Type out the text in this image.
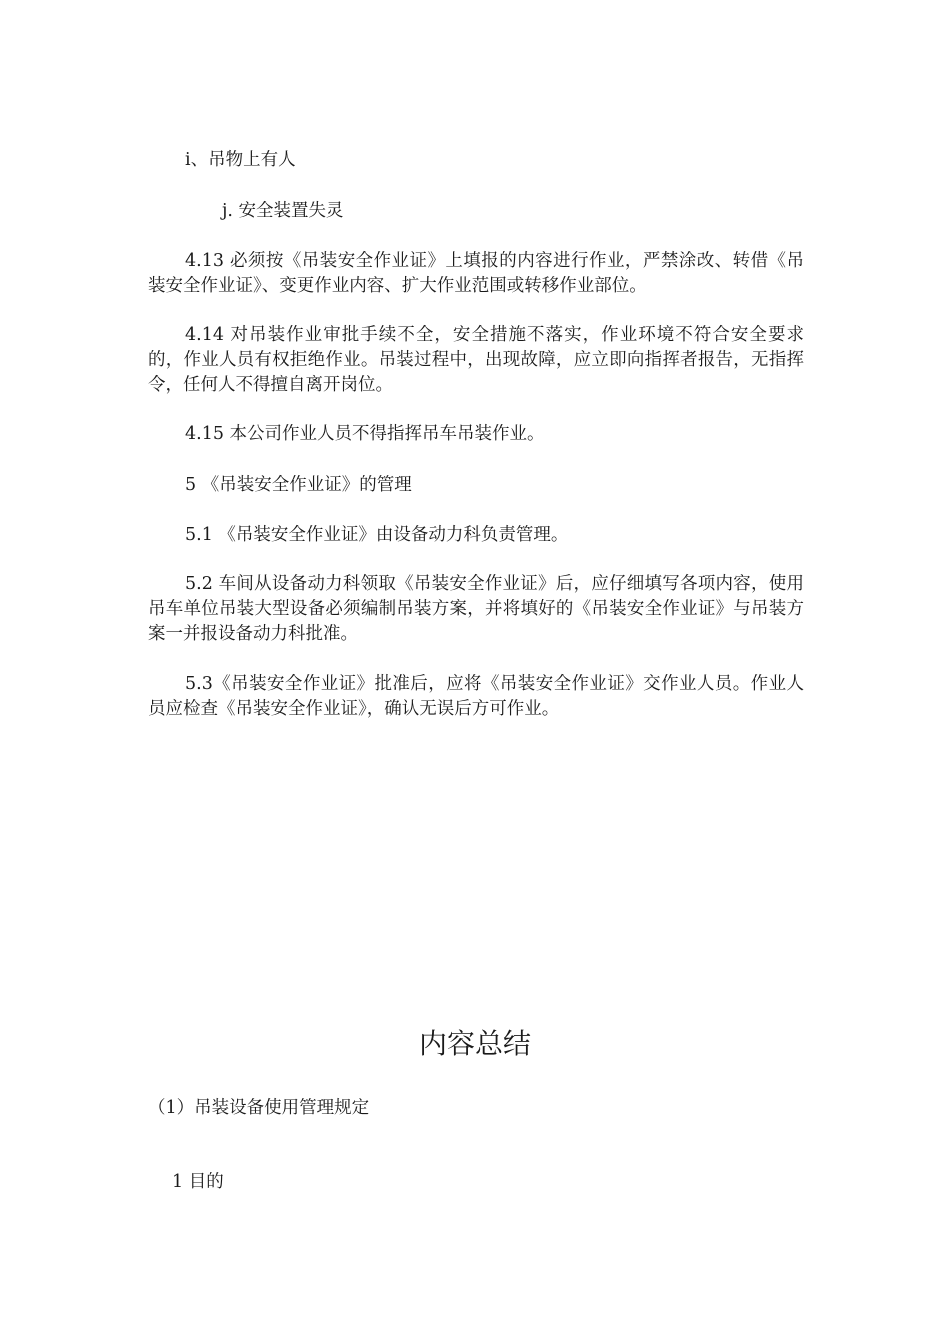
i、吊物上有人
j. 安全装置失灵
4.13 必须按《吊装安全作业证》上填报的内容进行作业，严禁涂改、转借《吊装安全作业证》、变更作业内容、扩大作业范围或转移作业部位。
4.14 对吊装作业审批手续不全，安全措施不落实，作业环境不符合安全要求的，作业人员有权拒绝作业。吊装过程中，出现故障，应立即向指挥者报告，无指挥令，任何人不得擅自离开岗位。
4.15 本公司作业人员不得指挥吊车吊装作业。
5 《吊装安全作业证》的管理
5.1 《吊装安全作业证》由设备动力科负责管理。
5.2 车间从设备动力科领取《吊装安全作业证》后，应仔细填写各项内容，使用吊车单位吊装大型设备必须编制吊装方案，并将填好的《吊装安全作业证》与吊装方案一并报设备动力科批准。
5.3《吊装安全作业证》批准后，应将《吊装安全作业证》交作业人员。作业人员应检查《吊装安全作业证》，确认无误后方可作业。
内容总结
（1）吊装设备使用管理规定
1 目的
